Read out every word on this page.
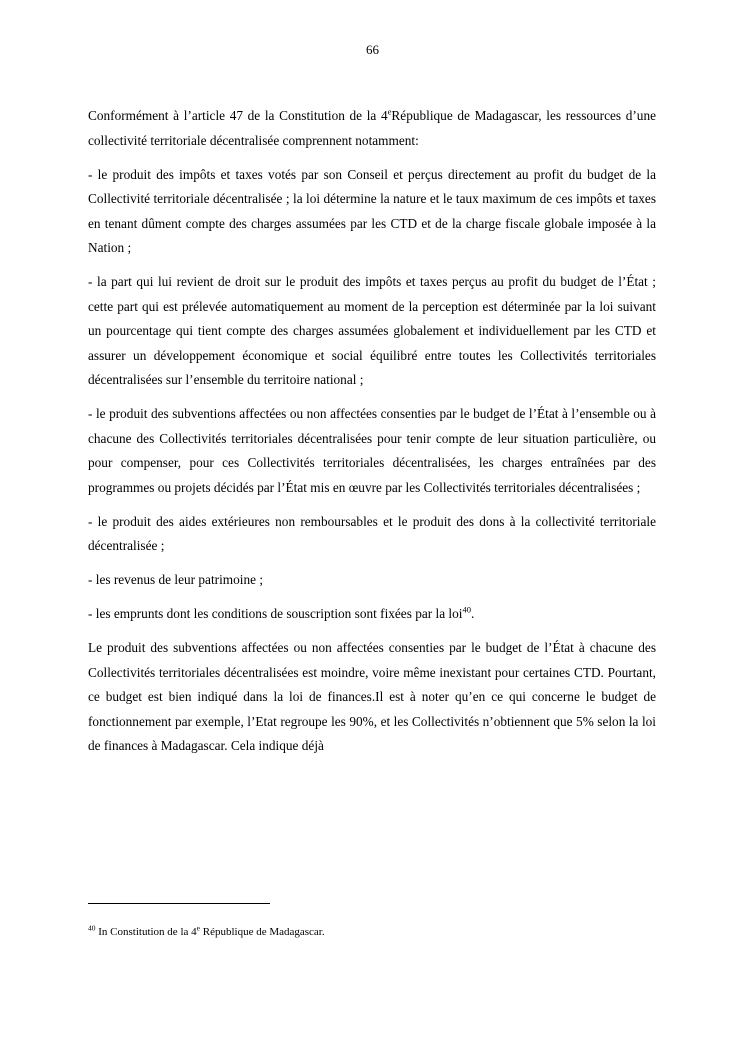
66

Conformément à l’article 47 de la Constitution de la 4eRépublique de Madagascar, les ressources d’une collectivité territoriale décentralisée comprennent notamment:

- le produit des impôts et taxes votés par son Conseil et perçus directement au profit du budget de la Collectivité territoriale décentralisée ; la loi détermine la nature et le taux maximum de ces impôts et taxes en tenant dûment compte des charges assumées par les CTD et de la charge fiscale globale imposée à la Nation ;

- la part qui lui revient de droit sur le produit des impôts et taxes perçus au profit du budget de l’État ; cette part qui est prélevée automatiquement au moment de la perception est déterminée par la loi suivant un pourcentage qui tient compte des charges assumées globalement et individuellement par les CTD et assurer un développement économique et social équilibré entre toutes les Collectivités territoriales décentralisées sur l’ensemble du territoire national ;

- le produit des subventions affectées ou non affectées consenties par le budget de l’État à l’ensemble ou à chacune des Collectivités territoriales décentralisées pour tenir compte de leur situation particulière, ou pour compenser, pour ces Collectivités territoriales décentralisées, les charges entraînées par des programmes ou projets décidés par l’État mis en œuvre par les Collectivités territoriales décentralisées ;

- le produit des aides extérieures non remboursables et le produit des dons à la collectivité territoriale décentralisée ;

- les revenus de leur patrimoine ;

- les emprunts dont les conditions de souscription sont fixées par la loi$^{40}$.

Le produit des subventions affectées ou non affectées consenties par le budget de l’État à chacune des Collectivités territoriales décentralisées est moindre, voire même inexistant pour certaines CTD. Pourtant, ce budget est bien indiqué dans la loi de finances.Il est à noter qu’en ce qui concerne le budget de fonctionnement par exemple, l’Etat regroupe les 90%, et les Collectivités n’obtiennent que 5% selon la loi de finances à Madagascar. Cela indique déjà

$^{40}$ In Constitution de la 4e République de Madagascar.
